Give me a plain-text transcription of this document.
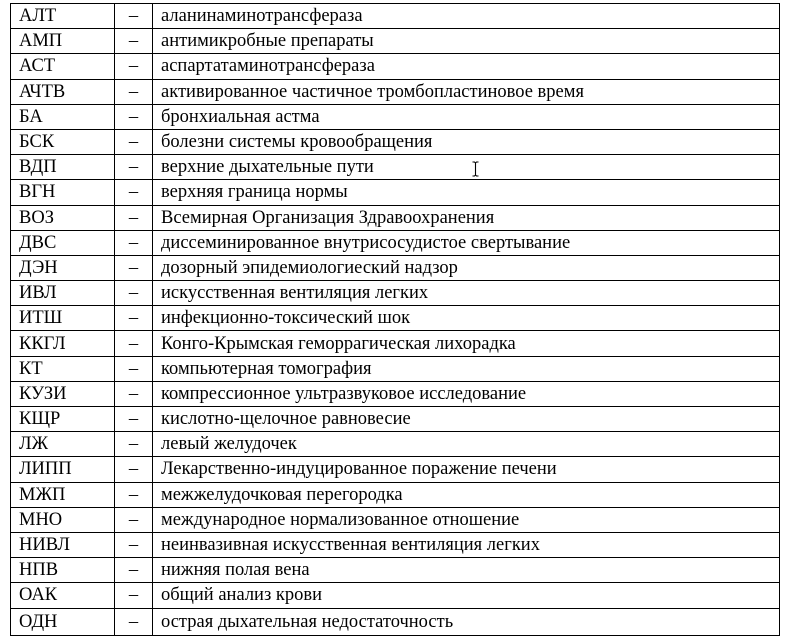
АЛТ	–	аланинаминотрансфераза
АМП	–	антимикробные препараты
АСТ	–	аспартатаминотрансфераза
АЧТВ	–	активированное частичное тромбопластиновое время
БА	–	бронхиальная астма
БСК	–	болезни системы кровообращения
ВДП	–	верхние дыхательные пути
ВГН	–	верхняя граница нормы
ВОЗ	–	Всемирная Организация Здравоохранения
ДВС	–	диссеминированное внутрисосудистое свертывание
ДЭН	–	дозорный эпидемиологиеский надзор
ИВЛ	–	искусственная вентиляция легких
ИТШ	–	инфекционно-токсический шок
ККГЛ	–	Конго-Крымская геморрагическая лихорадка
КТ	–	компьютерная томография
КУЗИ	–	компрессионное ультразвуковое исследование
КЩР	–	кислотно-щелочное равновесие
ЛЖ	–	левый желудочек
ЛИПП	–	Лекарственно-индуцированное поражение печени
МЖП	–	межжелудочковая перегородка
МНО	–	международное нормализованное отношение
НИВЛ	–	неинвазивная искусственная вентиляция легких
НПВ	–	нижняя полая вена
ОАК	–	общий анализ крови
ОДН	–	острая дыхательная недостаточность
